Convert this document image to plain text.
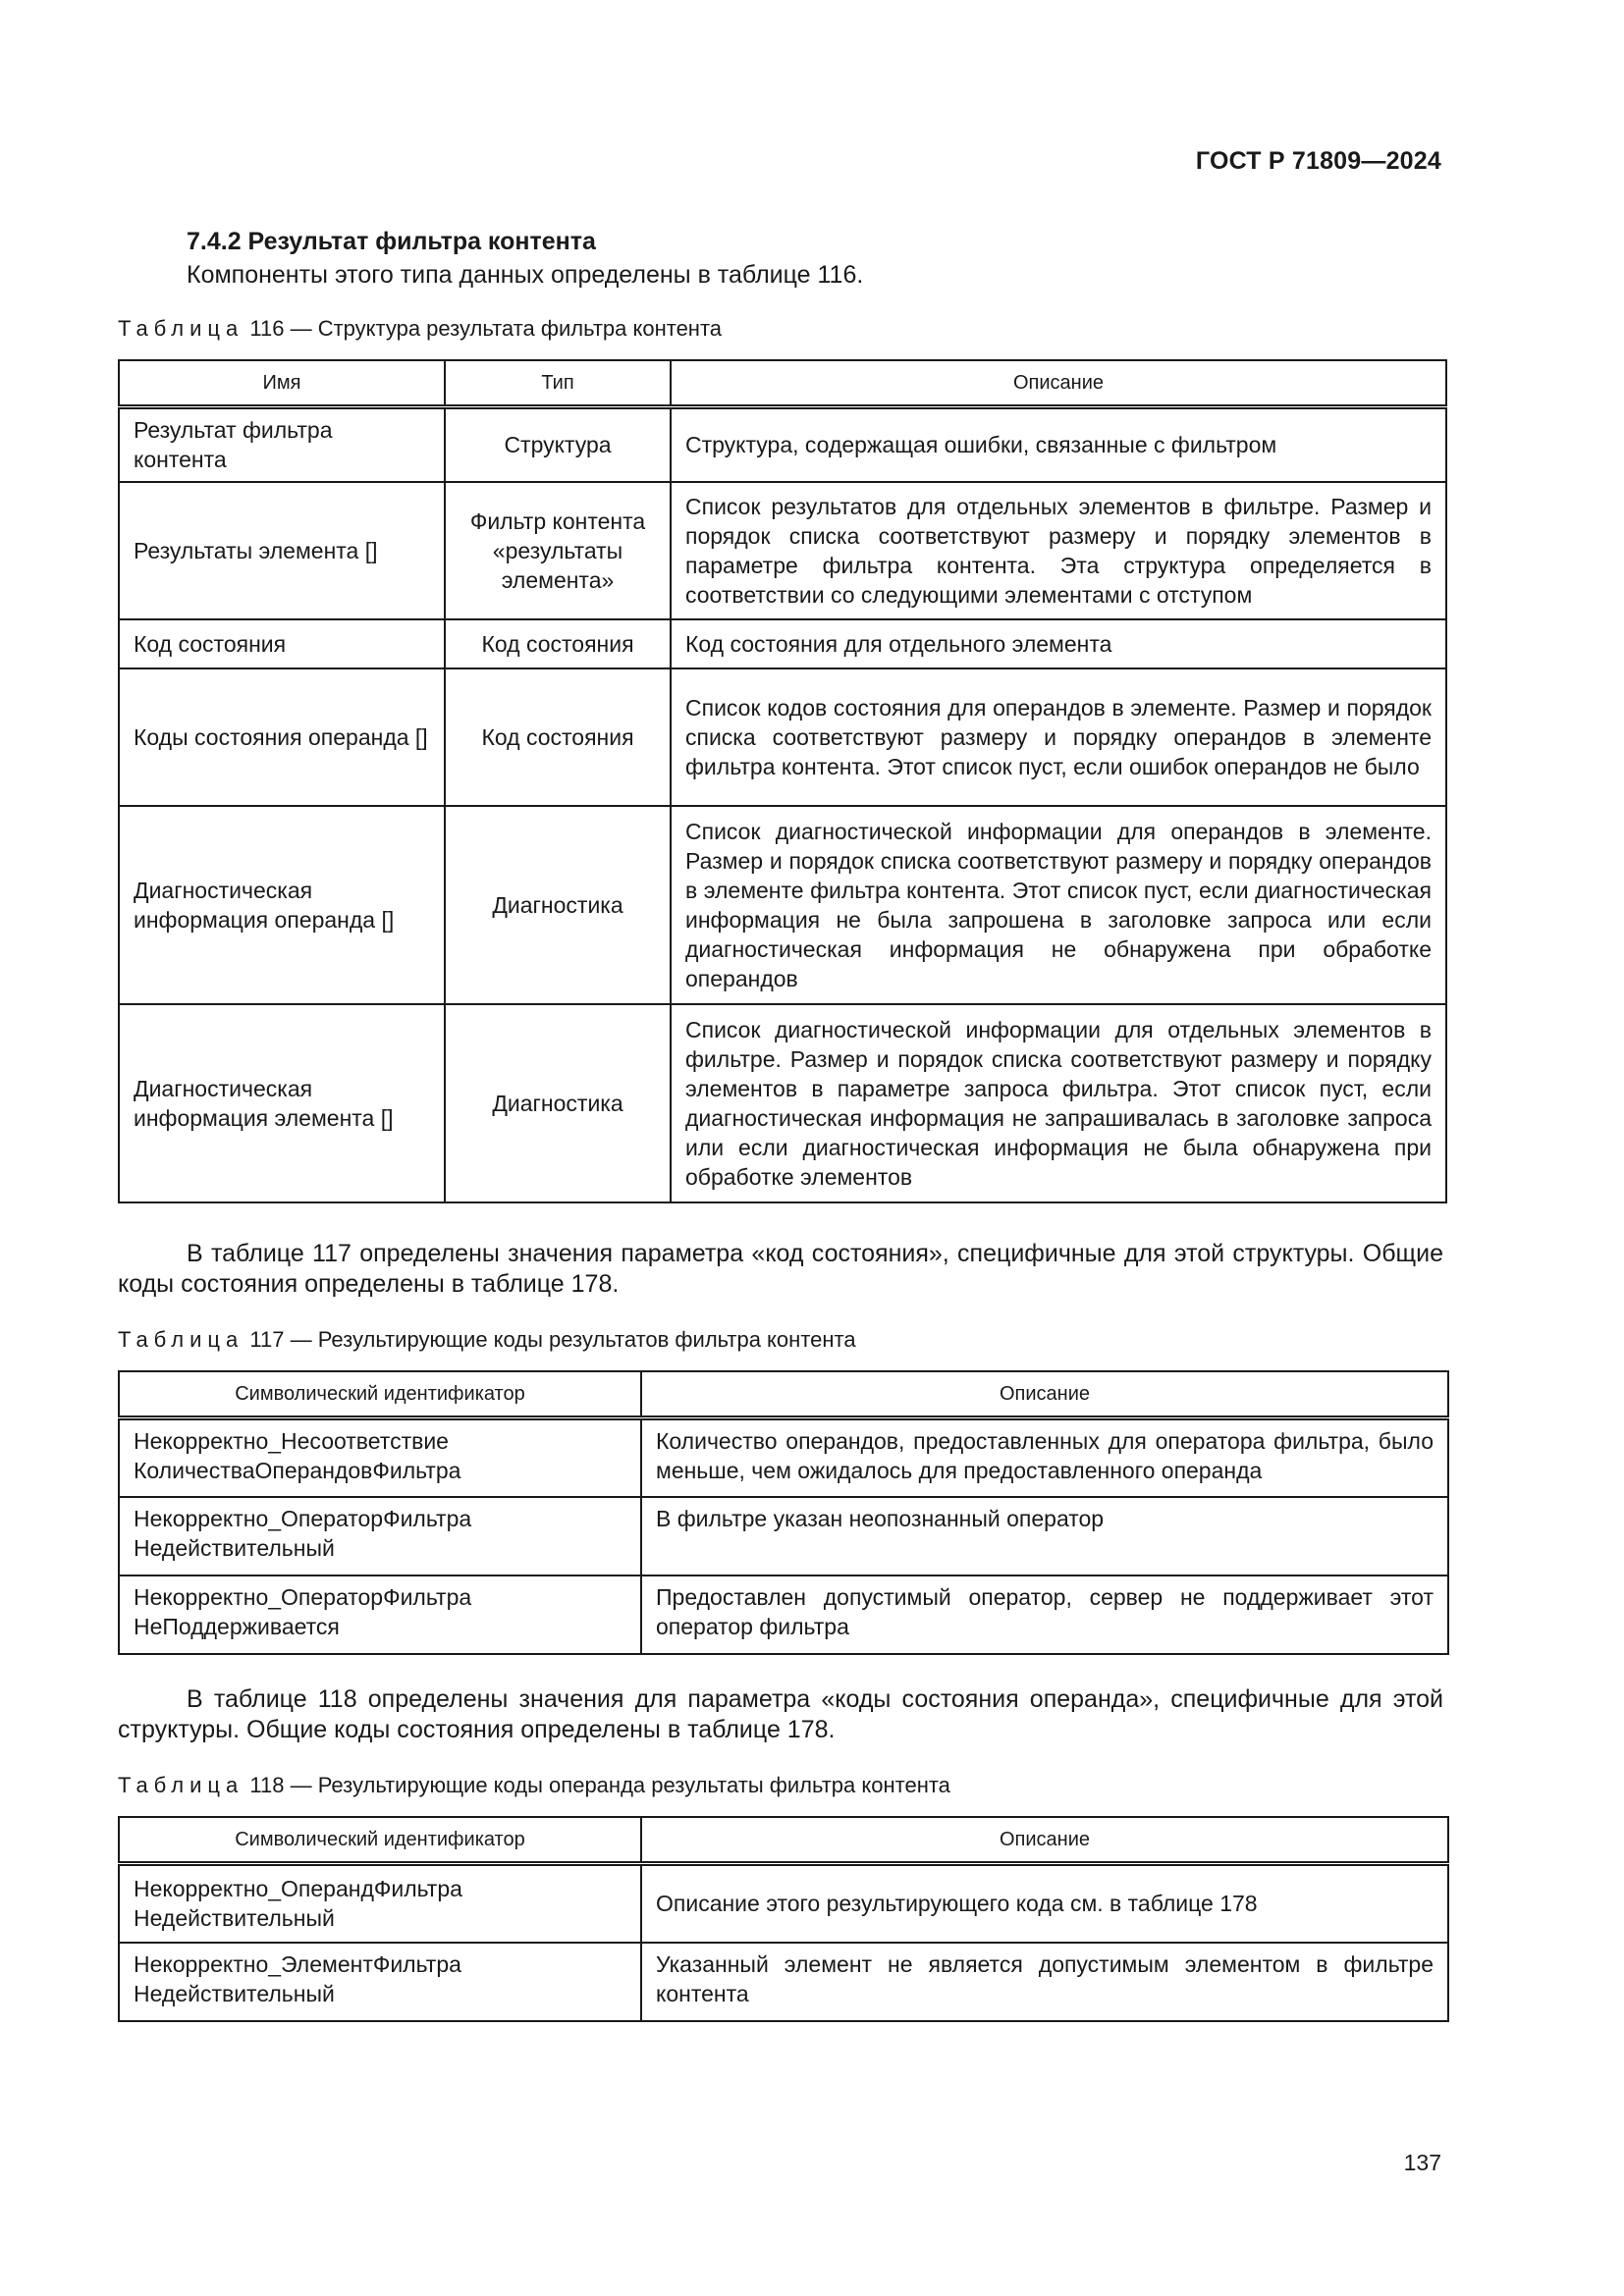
ГОСТ Р 71809—2024
7.4.2 Результат фильтра контента
Компоненты этого типа данных определены в таблице 116.
Таблица 116 — Структура результата фильтра контента
Имя	Тип	Описание
Результат фильтра контента	Структура	Структура, содержащая ошибки, связанные с фильтром
Результаты элемента []	Фильтр контента «результаты элемента»	Список результатов для отдельных элементов в фильтре. Размер и порядок списка соответствуют размеру и порядку элементов в параметре фильтра контента. Эта структура определяется в соответствии со следующими элементами с отступом
Код состояния	Код состояния	Код состояния для отдельного элемента
Коды состояния операнда []	Код состояния	Список кодов состояния для операндов в элементе. Размер и порядок списка соответствуют размеру и порядку операндов в элементе фильтра контента. Этот список пуст, если ошибок операндов не было
Диагностическая информация операнда []	Диагностика	Список диагностической информации для операндов в элементе. Размер и порядок списка соответствуют размеру и порядку операндов в элементе фильтра контента. Этот список пуст, если диагностическая информация не была запрошена в заголовке запроса или если диагностическая информация не обнаружена при обработке операндов
Диагностическая информация элемента []	Диагностика	Список диагностической информации для отдельных элементов в фильтре. Размер и порядок списка соответствуют размеру и порядку элементов в параметре запроса фильтра. Этот список пуст, если диагностическая информация не запрашивалась в заголовке запроса или если диагностическая информация не была обнаружена при обработке элементов
В таблице 117 определены значения параметра «код состояния», специфичные для этой структуры. Общие коды состояния определены в таблице 178.
Таблица 117 — Результирующие коды результатов фильтра контента
Символический идентификатор	Описание
Некорректно_Несоответствие КоличестваОперандовФильтра	Количество операндов, предоставленных для оператора фильтра, было меньше, чем ожидалось для предоставленного операнда
Некорректно_ОператорФильтра Недействительный	В фильтре указан неопознанный оператор
Некорректно_ОператорФильтра НеПоддерживается	Предоставлен допустимый оператор, сервер не поддерживает этот оператор фильтра
В таблице 118 определены значения для параметра «коды состояния операнда», специфичные для этой структуры. Общие коды состояния определены в таблице 178.
Таблица 118 — Результирующие коды операнда результаты фильтра контента
Символический идентификатор	Описание
Некорректно_ОперандФильтра Недействительный	Описание этого результирующего кода см. в таблице 178
Некорректно_ЭлементФильтра Недействительный	Указанный элемент не является допустимым элементом в фильтре контента
137
